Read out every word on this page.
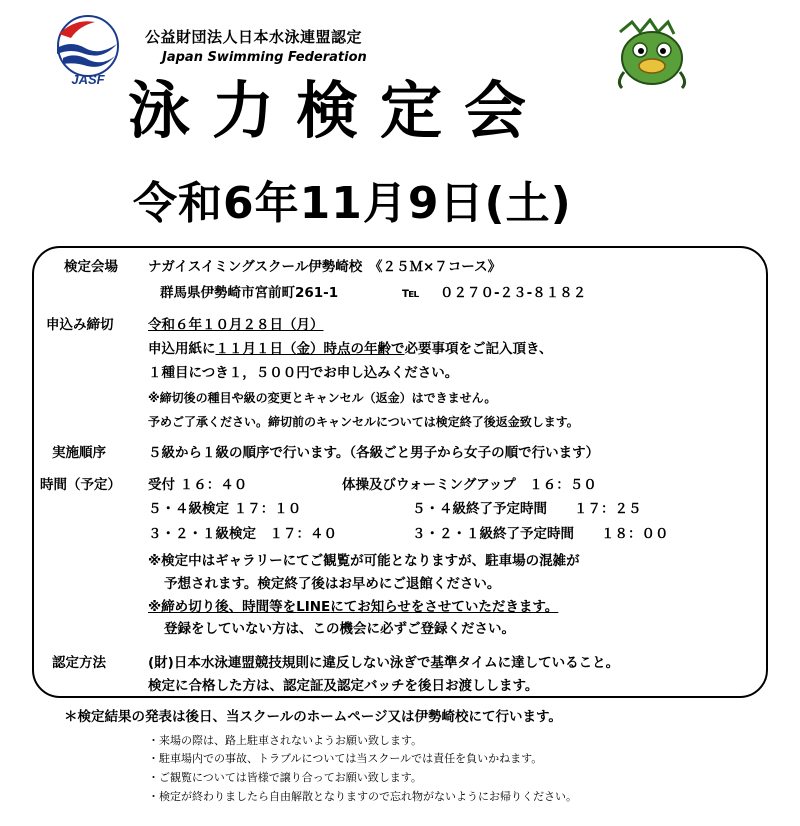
JASF
公益財団法人日本水泳連盟認定
Japan Swimming Federation
泳力検定会
令和6年11月9日(土)
検定会場 ナガイスイミングスクール伊勢崎校　《２５Ｍ×７コース》
群馬県伊勢崎市宮前町261-1	℡ ０２７０-２３-８１８２
申込み締切	令和６年１０月２８日（月）
申込用紙に１１月１日（金）時点の年齢で必要事項をご記入頂き、
１種目につき１，５００円でお申し込みください。
※締切後の種目や級の変更とキャンセル（返金）はできません。
予めご了承ください。締切前のキャンセルについては検定終了後返金致します。
実施順序	５級から１級の順序で行います。（各級ごと男子から女子の順で行います）
時間（予定） 受付 １６：４０	体操及びウォーミングアップ　１６：５０
５・４級検定 １７：１０	５・４級終了予定時間　　１７：２５
３・２・１級検定　１７：４０	３・２・１級終了予定時間　　１８：００
※検定中はギャラリーにてご観覧が可能となりますが、駐車場の混雑が
予想されます。検定終了後はお早めにご退館ください。
※締め切り後、時間等をLINEにてお知らせをさせていただきます。
登録をしていない方は、この機会に必ずご登録ください。
認定方法	(財)日本水泳連盟競技規則に違反しない泳ぎで基準タイムに達していること。
検定に合格した方は、認定証及認定バッチを後日お渡しします。
＊検定結果の発表は後日、当スクールのホームページ又は伊勢崎校にて行います。
・来場の際は、路上駐車されないようお願い致します。
・駐車場内での事故、トラブルについては当スクールでは責任を負いかねます。
・ご観覧については皆様で譲り合ってお願い致します。
・検定が終わりましたら自由解散となりますので忘れ物がないようにお帰りください。
